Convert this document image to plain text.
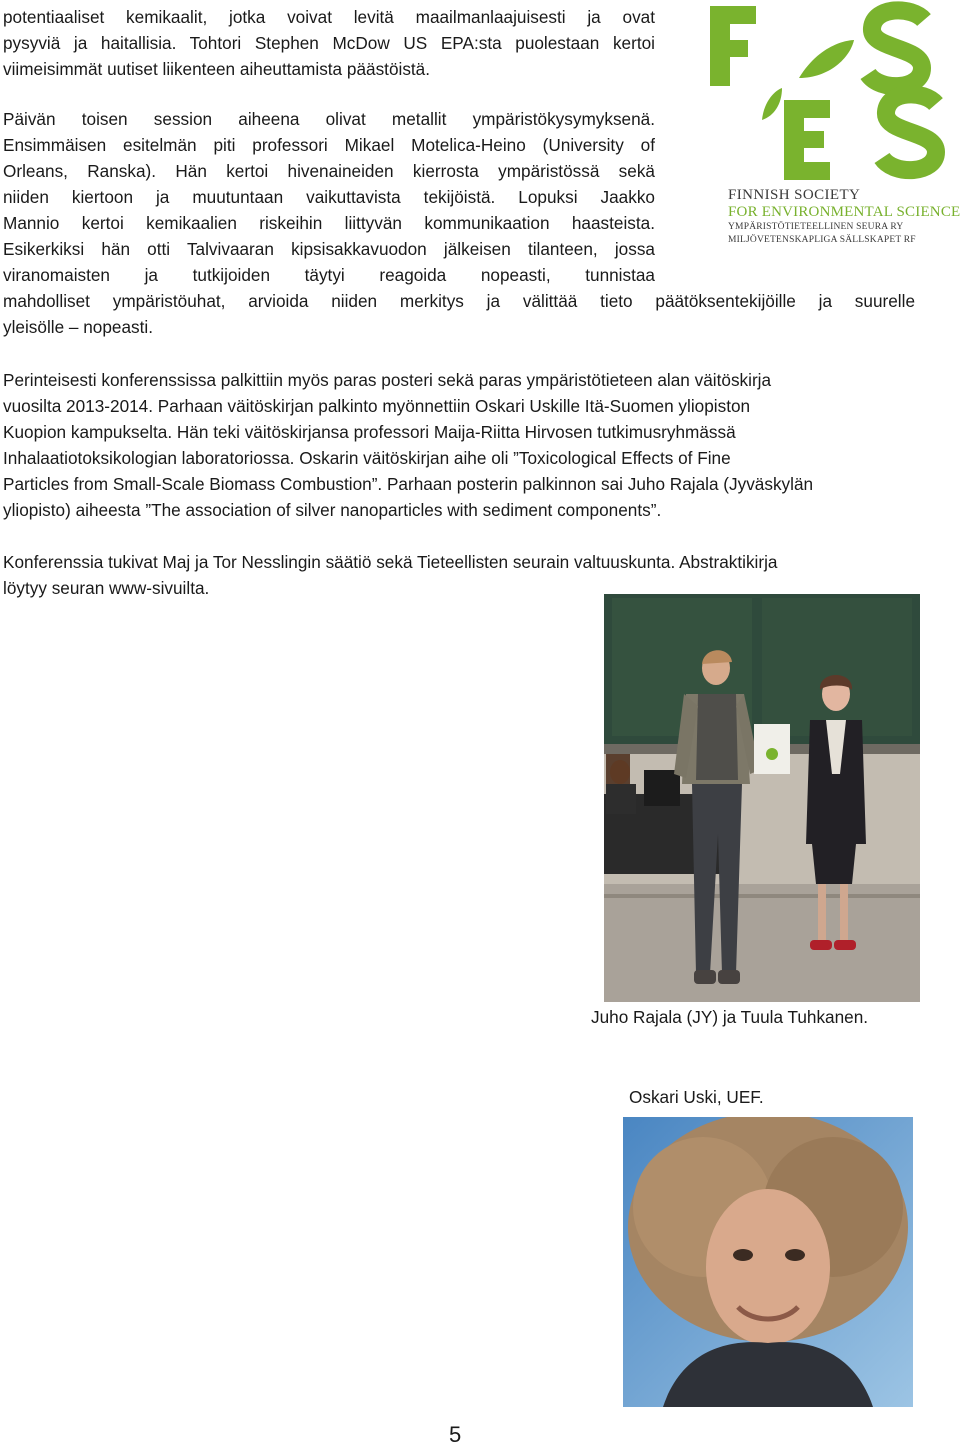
potentiaaliset kemikaalit, jotka voivat levitä maailmanlaajuisesti ja ovat
pysyviä ja haitallisia. Tohtori Stephen McDow US EPA:sta puolestaan kertoi
viimeisimmät uutiset liikenteen aiheuttamista päästöistä.
Päivän toisen session aiheena olivat metallit ympäristökysymyksenä.
Ensimmäisen esitelmän piti professori Mikael Motelica-Heino (University of
Orleans, Ranska). Hän kertoi hivenaineiden kierrosta ympäristössä sekä
niiden kiertoon ja muutuntaan vaikuttavista tekijöistä. Lopuksi Jaakko
Mannio kertoi kemikaalien riskeihin liittyvän kommunikaation haasteista.
Esikerkiksi hän otti Talvivaaran kipsisakkavuodon jälkeisen tilanteen, jossa
viranomaisten ja tutkijoiden täytyi reagoida nopeasti, tunnistaa
mahdolliset ympäristöuhat, arvioida niiden merkitys ja välittää tieto päätöksentekijöille ja suurelle
yleisölle – nopeasti.
Perinteisesti konferenssissa palkittiin myös paras posteri sekä paras ympäristötieteen alan väitöskirja
vuosilta 2013-2014. Parhaan väitöskirjan palkinto myönnettiin Oskari Uskille Itä-Suomen yliopiston
Kuopion kampukselta. Hän teki väitöskirjansa professori Maija-Riitta Hirvosen tutkimusryhmässä
Inhalaatiotoksikologian laboratoriossa. Oskarin väitöskirjan aihe oli ”Toxicological Effects of Fine
Particles from Small-Scale Biomass Combustion”. Parhaan posterin palkinnon sai Juho Rajala (Jyväskylän
yliopisto) aiheesta ”The association of silver nanoparticles with sediment components”.
Konferenssia tukivat Maj ja Tor Nesslingin säätiö sekä Tieteellisten seurain valtuuskunta. Abstraktikirja
löytyy seuran www-sivuilta.
FINNISH SOCIETY
FOR ENVIRONMENTAL SCIENCE
YMPÄRISTÖTIETEELLINEN SEURA RY
MILJÖVETENSKAPLIGA SÄLLSKAPET RF
Juho Rajala (JY) ja Tuula Tuhkanen.
Oskari Uski, UEF.
5
